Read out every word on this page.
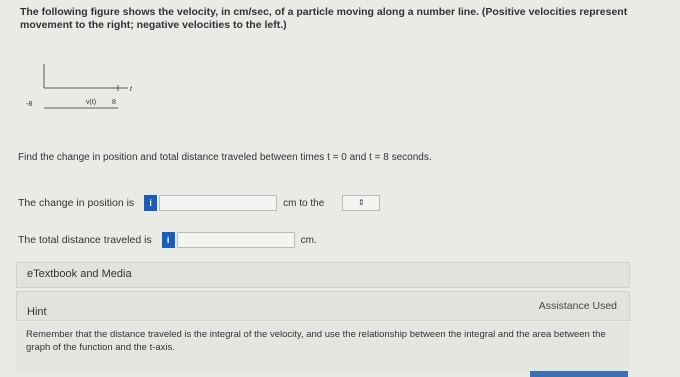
The following figure shows the velocity, in cm/sec, of a particle moving along a number line. (Positive velocities represent movement to the right; negative velocities to the left.)
t
v(t) 8
-8
Find the change in position and total distance traveled between times t = 0 and t = 8 seconds.
The change in position is	i	cm to the	⇕
The total distance traveled is	i	cm.
eTextbook and Media
Hint	Assistance Used
Remember that the distance traveled is the integral of the velocity, and use the relationship between the integral and the area between the graph of the function and the t-axis.
